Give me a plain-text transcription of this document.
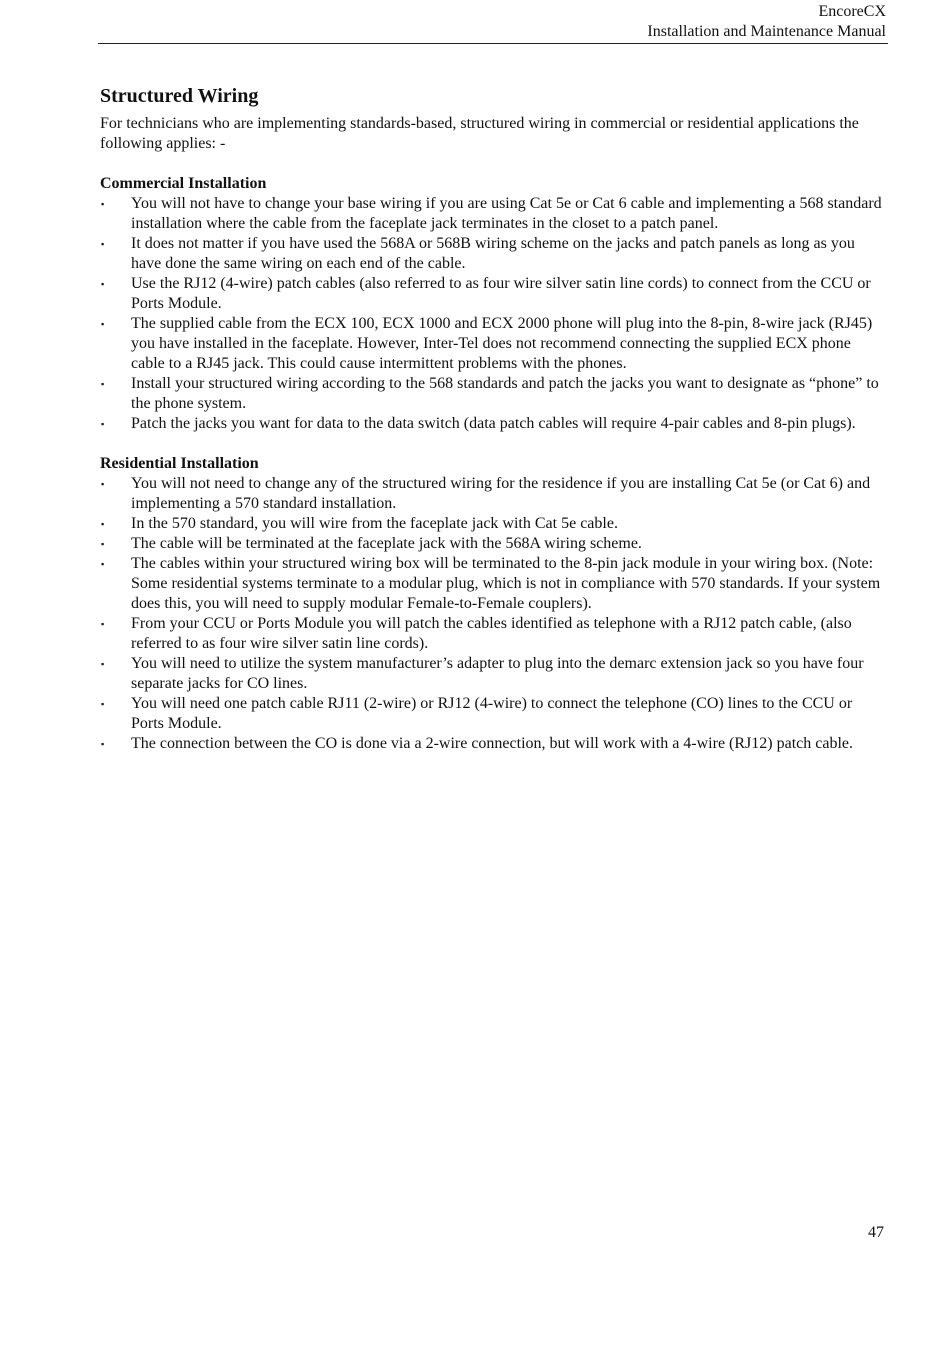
EncoreCX
Installation and Maintenance Manual
Structured Wiring

For technicians who are implementing standards-based, structured wiring in commercial or residential applications the following applies: -

Commercial Installation
▪ You will not have to change your base wiring if you are using Cat 5e or Cat 6 cable and implementing a 568 standard installation where the cable from the faceplate jack terminates in the closet to a patch panel.
▪ It does not matter if you have used the 568A or 568B wiring scheme on the jacks and patch panels as long as you have done the same wiring on each end of the cable.
▪ Use the RJ12 (4-wire) patch cables (also referred to as four wire silver satin line cords) to connect from the CCU or Ports Module.
▪ The supplied cable from the ECX 100, ECX 1000 and ECX 2000 phone will plug into the 8-pin, 8-wire jack (RJ45) you have installed in the faceplate. However, Inter-Tel does not recommend connecting the supplied ECX phone cable to a RJ45 jack. This could cause intermittent problems with the phones.
▪ Install your structured wiring according to the 568 standards and patch the jacks you want to designate as “phone” to the phone system.
▪ Patch the jacks you want for data to the data switch (data patch cables will require 4-pair cables and 8-pin plugs).
Residential Installation
▪ You will not need to change any of the structured wiring for the residence if you are installing Cat 5e (or Cat 6) and implementing a 570 standard installation.
▪ In the 570 standard, you will wire from the faceplate jack with Cat 5e cable.
▪ The cable will be terminated at the faceplate jack with the 568A wiring scheme.
▪ The cables within your structured wiring box will be terminated to the 8-pin jack module in your wiring box. (Note: Some residential systems terminate to a modular plug, which is not in compliance with 570 standards. If your system does this, you will need to supply modular Female-to-Female couplers).
▪ From your CCU or Ports Module you will patch the cables identified as telephone with a RJ12 patch cable, (also referred to as four wire silver satin line cords).
▪ You will need to utilize the system manufacturer’s adapter to plug into the demarc extension jack so you have four separate jacks for CO lines.
▪ You will need one patch cable RJ11 (2-wire) or RJ12 (4-wire) to connect the telephone (CO) lines to the CCU or Ports Module.
▪ The connection between the CO is done via a 2-wire connection, but will work with a 4-wire (RJ12) patch cable.
47
